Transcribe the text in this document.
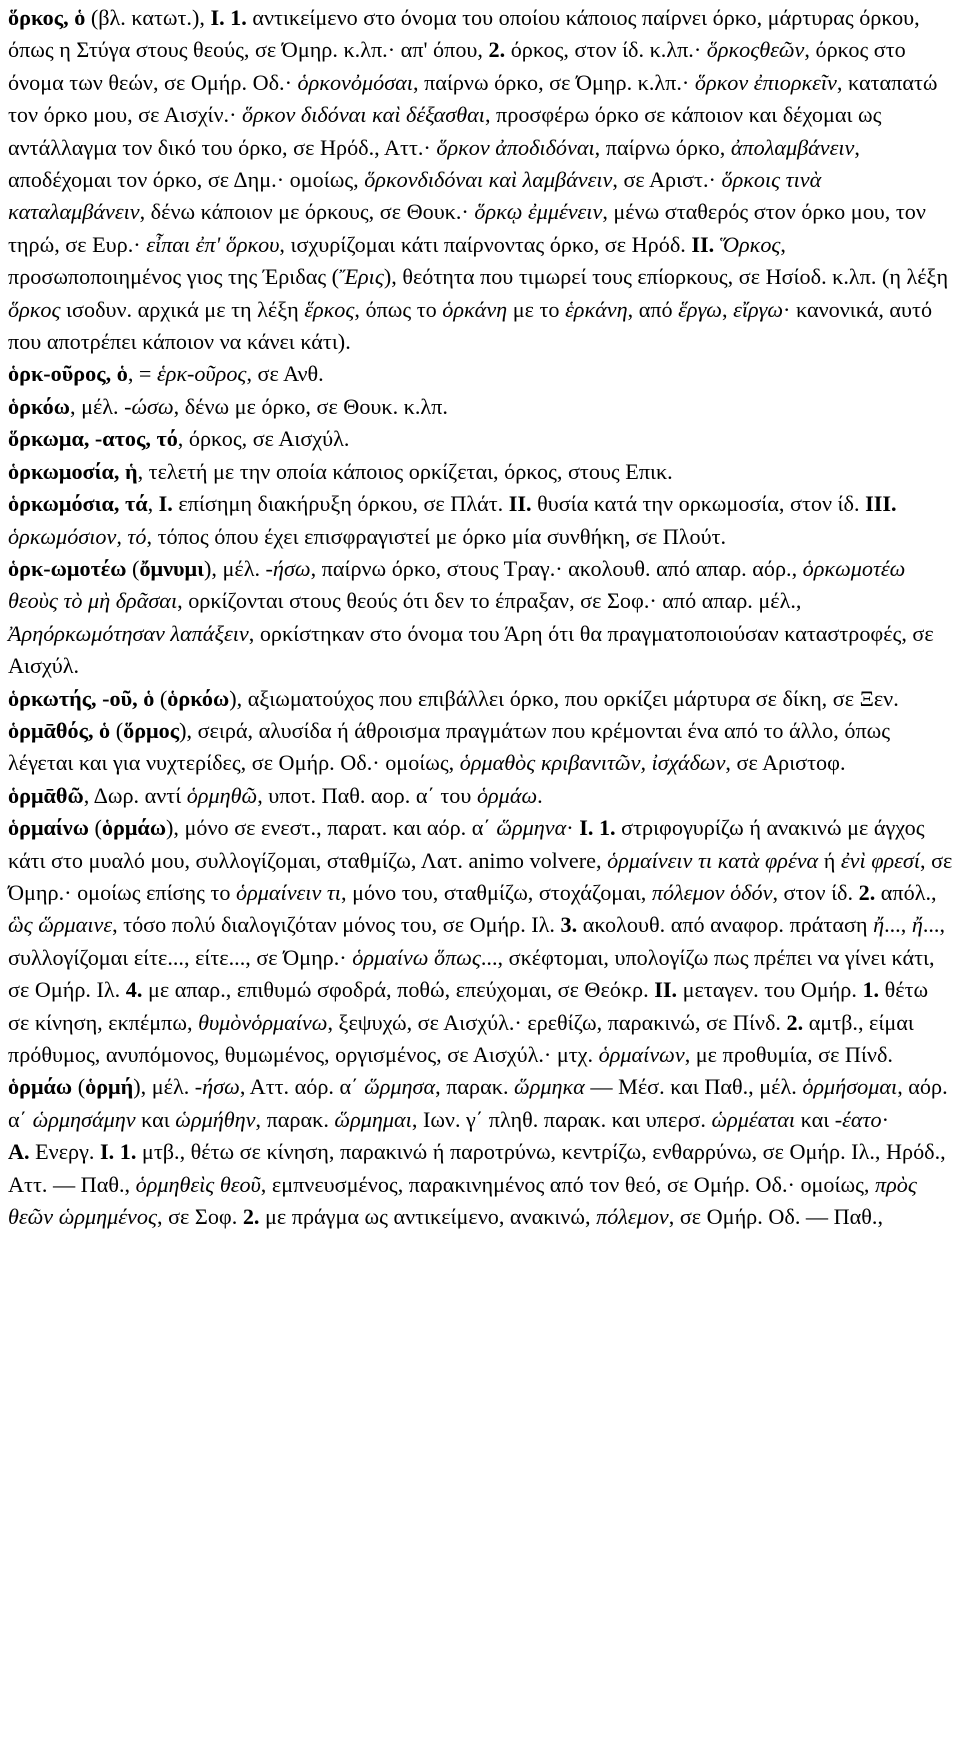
ὅρκος, ὁ (βλ. κατωτ.), I. 1. αντικείμενο στο όνομα του οποίου κάποιος παίρνει όρκο, μάρτυρας όρκου, όπως η Στύγα στους θεούς, σε Όμηρ. κ.λπ.· απ' όπου, 2. όρκος, στον ίδ. κ.λπ.· ὅρκοςθεῶν, όρκος στο όνομα των θεών, σε Ομήρ. Οδ.· ὁρκονὀμόσαι, παίρνω όρκο, σε Όμηρ. κ.λπ.· ὅρκον ἐπιορκεῖν, καταπατώ τον όρκο μου, σε Αισχίν.· ὅρκον διδόναι καὶ δέξασθαι, προσφέρω όρκο σε κάποιον και δέχομαι ως αντάλλαγμα τον δικό του όρκο, σε Ηρόδ., Αττ.· ὅρκον ἀποδιδόναι, παίρνω όρκο, ἀπολαμβάνειν, αποδέχομαι τον όρκο, σε Δημ.· ομοίως, ὅρκονδιδόναι καὶ λαμβάνειν, σε Αριστ.· ὅρκοις τινὰ καταλαμβάνειν, δένω κάποιον με όρκους, σε Θουκ.· ὅρκῳ ἐμμένειν, μένω σταθερός στον όρκο μου, τον τηρώ, σε Ευρ.· εἶπαι ἐπ' ὅρκου, ισχυρίζομαι κάτι παίρνοντας όρκο, σε Ηρόδ. II. Ὅρκος, προσωποποιημένος γιος της Έριδας (Ἔρις), θεότητα που τιμωρεί τους επίορκους, σε Ησίοδ. κ.λπ. (η λέξη ὅρκος ισοδυν. αρχικά με τη λέξη ἕρκος, όπως το ὁρκάνη με το ἑρκάνη, από ἕργω, εἴργω· κανονικά, αυτό που αποτρέπει κάποιον να κάνει κάτι).

ὁρκ-οῦρος, ὁ, = ἑρκ-οῦρος, σε Ανθ.

ὁρκόω, μέλ. -ώσω, δένω με όρκο, σε Θουκ. κ.λπ.

ὅρκωμα, -ατος, τό, όρκος, σε Αισχύλ.

ὁρκωμοσία, ἡ, τελετή με την οποία κάποιος ορκίζεται, όρκος, στους Επικ.

ὁρκωμόσια, τά, I. επίσημη διακήρυξη όρκου, σε Πλάτ. II. θυσία κατά την ορκωμοσία, στον ίδ. III. ὁρκωμόσιον, τό, τόπος όπου έχει επισφραγιστεί με όρκο μία συνθήκη, σε Πλούτ.

ὁρκ-ωμοτέω (ὄμνυμι), μέλ. -ήσω, παίρνω όρκο, στους Τραγ.· ακολουθ. από απαρ. αόρ., ὁρκωμοτέω θεοὺς τὸ μὴ δρᾶσαι, ορκίζονται στους θεούς ότι δεν το έπραξαν, σε Σοφ.· από απαρ. μέλ., Ἀρηόρκωμότησαν λαπάξειν, ορκίστηκαν στο όνομα του Άρη ότι θα πραγματοποιούσαν καταστροφές, σε Αισχύλ.

ὁρκωτής, -οῦ, ὁ (ὁρκόω), αξιωματούχος που επιβάλλει όρκο, που ορκίζει μάρτυρα σε δίκη, σε Ξεν.

ὁρμᾱθός, ὁ (ὅρμος), σειρά, αλυσίδα ή άθροισμα πραγμάτων που κρέμονται ένα από το άλλο, όπως λέγεται και για νυχτερίδες, σε Ομήρ. Οδ.· ομοίως, ὁρμαθὸς κριβανιτῶν, ἰσχάδων, σε Αριστοφ.

ὁρμᾱθῶ, Δωρ. αντί ὁρμηθῶ, υποτ. Παθ. αορ. α΄ του ὁρμάω.

ὁρμαίνω (ὁρμάω), μόνο σε ενεστ., παρατ. και αόρ. α΄ ὥρμηνα· I. 1. στριφογυρίζω ή ανακινώ με άγχος κάτι στο μυαλό μου, συλλογίζομαι, σταθμίζω, Λατ. animo volvere, ὁρμαίνειν τι κατὰ φρένα ή ἐνὶ φρεσί, σε Όμηρ.· ομοίως επίσης το ὁρμαίνειν τι, μόνο του, σταθμίζω, στοχάζομαι, πόλεμον ὁδόν, στον ίδ. 2. απόλ., ὣς ὥρμαινε, τόσο πολύ διαλογιζόταν μόνος του, σε Ομήρ. Ιλ. 3. ακολουθ. από αναφορ. πράταση ἤ..., ἤ..., συλλογίζομαι είτε..., είτε..., σε Όμηρ.· ὁρμαίνω ὅπως..., σκέφτομαι, υπολογίζω πως πρέπει να γίνει κάτι, σε Ομήρ. Ιλ. 4. με απαρ., επιθυμώ σφοδρά, ποθώ, επεύχομαι, σε Θεόκρ. II. μεταγεν. του Ομήρ. 1. θέτω σε κίνηση, εκπέμπω, θυμὸνὁρμαίνω, ξεψυχώ, σε Αισχύλ.· ερεθίζω, παρακινώ, σε Πίνδ. 2. αμτβ., είμαι πρόθυμος, ανυπόμονος, θυμωμένος, οργισμένος, σε Αισχύλ.· μτχ. ὁρμαίνων, με προθυμία, σε Πίνδ.

ὁρμάω (ὁρμή), μέλ. -ήσω, Αττ. αόρ. α΄ ὥρμησα, παρακ. ὥρμηκα — Μέσ. και Παθ., μέλ. ὁρμήσομαι, αόρ. α΄ ὡρμησάμην και ὡρμήθην, παρακ. ὥρμημαι, Ιων. γ΄ πληθ. παρακ. και υπερσ. ὡρμέαται και -έατο·

A. Ενεργ. I. 1. μτβ., θέτω σε κίνηση, παρακινώ ή παροτρύνω, κεντρίζω, ενθαρρύνω, σε Ομήρ. Ιλ., Ηρόδ., Αττ. — Παθ., ὁρμηθεὶς θεοῦ, εμπνευσμένος, παρακινημένος από τον θεό, σε Ομήρ. Οδ.· ομοίως, πρὸς θεῶν ὡρμημένος, σε Σοφ. 2. με πράγμα ως αντικείμενο, ανακινώ, πόλεμον, σε Ομήρ. Οδ. — Παθ.,
